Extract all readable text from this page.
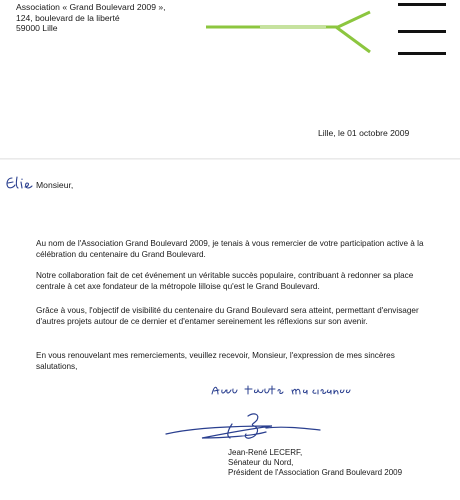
Association « Grand Boulevard 2009 »,
124, boulevard de la liberté
59000 Lille
Lille, le 01 octobre 2009
Monsieur,
Au nom de l'Association Grand Boulevard 2009, je tenais à vous remercier de votre participation active à la célébration du centenaire du Grand Boulevard.
Notre collaboration fait de cet événement un véritable succès populaire, contribuant à redonner sa place centrale à cet axe fondateur de la métropole lilloise qu'est le Grand Boulevard.
Grâce à vous, l'objectif de visibilité du centenaire du Grand Boulevard sera atteint, permettant d'envisager d'autres projets autour de ce dernier et d'entamer sereinement les réflexions sur son avenir.
En vous renouvelant mes remerciements, veuillez recevoir, Monsieur, l'expression de mes sincères salutations,
Jean-René LECERF,
Sénateur du Nord,
Président de l'Association Grand Boulevard 2009
